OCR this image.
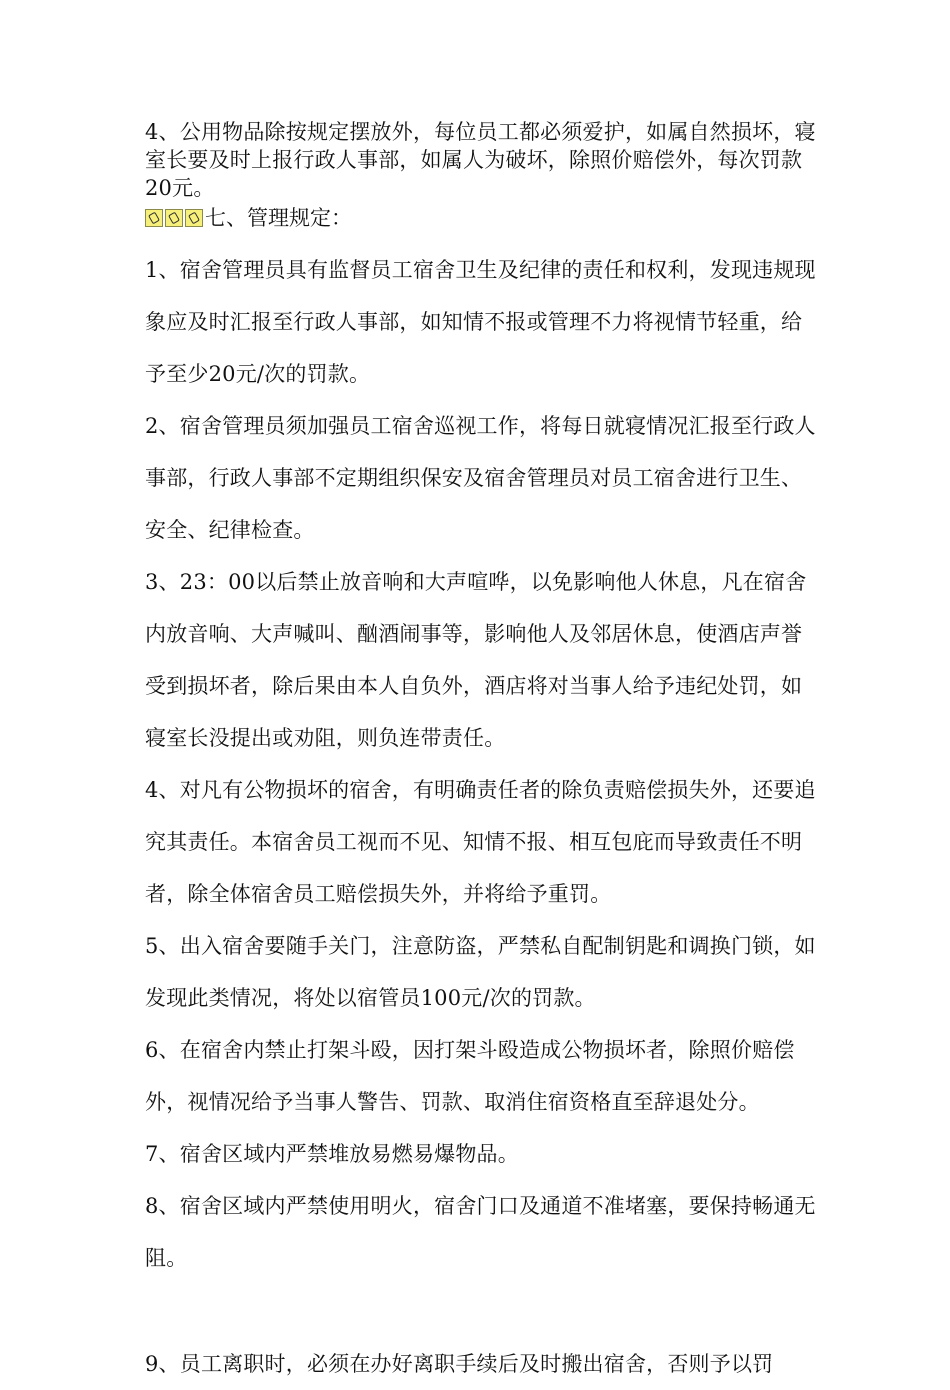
4、公用物品除按规定摆放外，每位员工都必须爱护，如属自然损坏，寝室长要及时上报行政人事部，如属人为破坏，除照价赔偿外，每次罚款20元。

七、管理规定：

1、宿舍管理员具有监督员工宿舍卫生及纪律的责任和权利，发现违规现象应及时汇报至行政人事部，如知情不报或管理不力将视情节轻重，给予至少20元/次的罚款。

2、宿舍管理员须加强员工宿舍巡视工作，将每日就寝情况汇报至行政人事部，行政人事部不定期组织保安及宿舍管理员对员工宿舍进行卫生、安全、纪律检查。

3、23：00以后禁止放音响和大声喧哗，以免影响他人休息，凡在宿舍内放音响、大声喊叫、酗酒闹事等，影响他人及邻居休息，使酒店声誉受到损坏者，除后果由本人自负外，酒店将对当事人给予违纪处罚，如寝室长没提出或劝阻，则负连带责任。

4、对凡有公物损坏的宿舍，有明确责任者的除负责赔偿损失外，还要追究其责任。本宿舍员工视而不见、知情不报、相互包庇而导致责任不明者，除全体宿舍员工赔偿损失外，并将给予重罚。

5、出入宿舍要随手关门，注意防盗，严禁私自配制钥匙和调换门锁，如发现此类情况，将处以宿管员100元/次的罚款。

6、在宿舍内禁止打架斗殴，因打架斗殴造成公物损坏者，除照价赔偿外，视情况给予当事人警告、罚款、取消住宿资格直至辞退处分。

7、宿舍区域内严禁堆放易燃易爆物品。

8、宿舍区域内严禁使用明火，宿舍门口及通道不准堵塞，要保持畅通无阻。

9、员工离职时，必须在办好离职手续后及时搬出宿舍，否则予以罚
